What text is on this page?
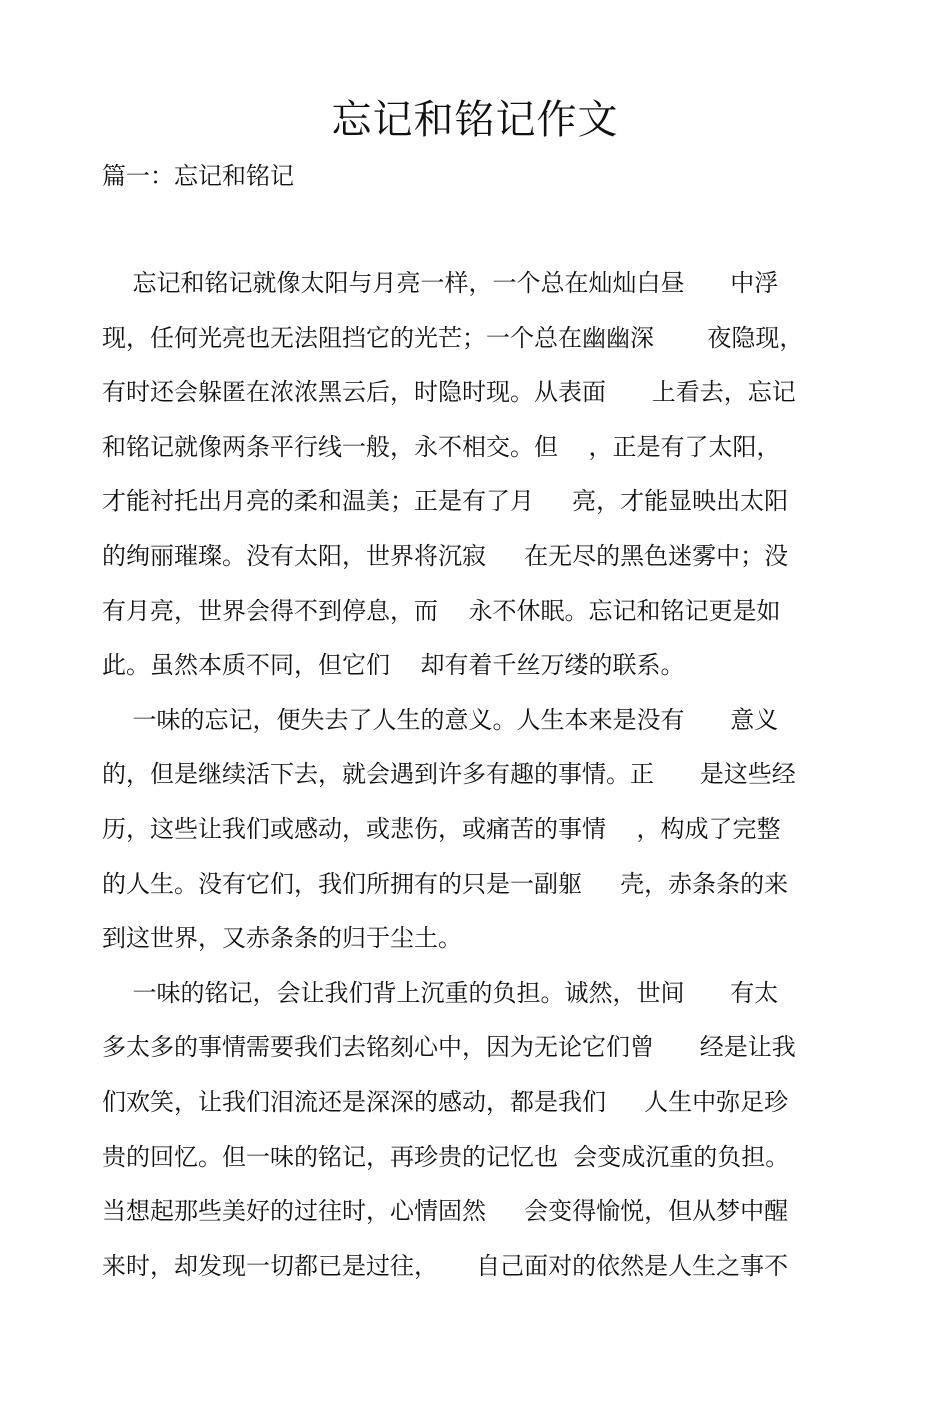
忘记和铭记作文
篇一：忘记和铭记
忘记和铭记就像太阳与月亮一样，一个总在灿灿白昼      中浮
现，任何光亮也无法阻挡它的光芒；一个总在幽幽深       夜隐现，
有时还会躲匿在浓浓黑云后，时隐时现。从表面      上看去，忘记
和铭记就像两条平行线一般，永不相交。但    ，正是有了太阳，
才能衬托出月亮的柔和温美；正是有了月     亮，才能显映出太阳
的绚丽璀璨。没有太阳，世界将沉寂     在无尽的黑色迷雾中；没
有月亮，世界会得不到停息，而    永不休眠。忘记和铭记更是如
此。虽然本质不同，但它们    却有着千丝万缕的联系。
一味的忘记，便失去了人生的意义。人生本来是没有      意义
的，但是继续活下去，就会遇到许多有趣的事情。正      是这些经
历，这些让我们或感动，或悲伤，或痛苦的事情    ，构成了完整
的人生。没有它们，我们所拥有的只是一副躯     壳，赤条条的来
到这世界，又赤条条的归于尘土。
一味的铭记，会让我们背上沉重的负担。诚然，世间      有太
多太多的事情需要我们去铭刻心中，因为无论它们曾      经是让我
们欢笑，让我们泪流还是深深的感动，都是我们     人生中弥足珍
贵的回忆。但一味的铭记，再珍贵的记忆也  会变成沉重的负担。
当想起那些美好的过往时，心情固然     会变得愉悦，但从梦中醒
来时，却发现一切都已是过往，     自己面对的依然是人生之事不
